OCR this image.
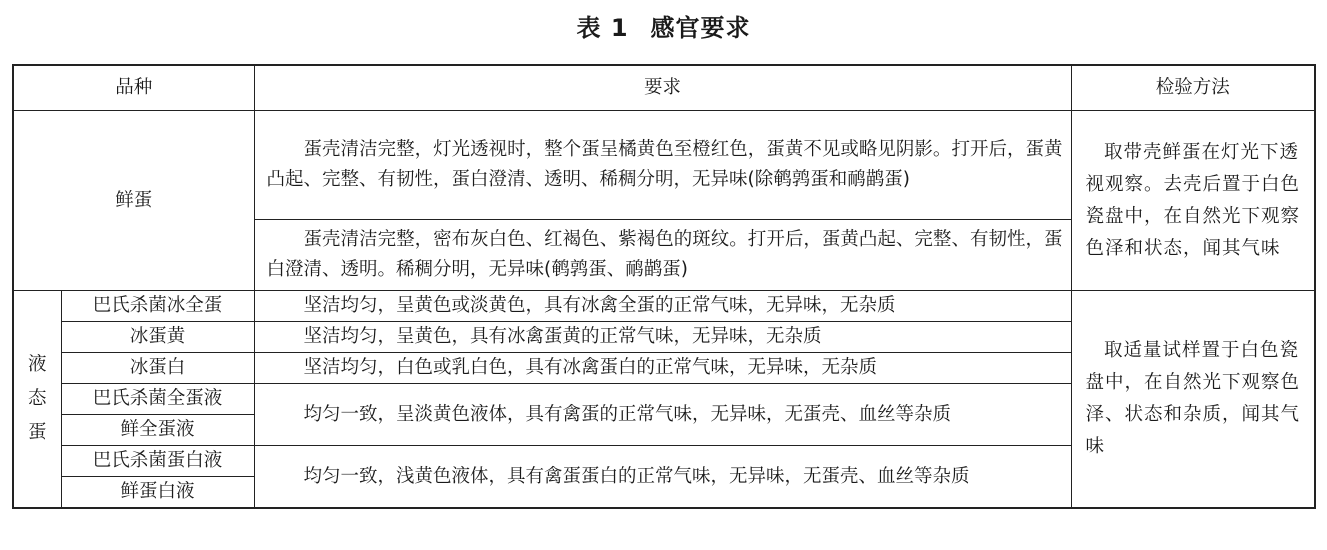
表 1 感官要求
品种		要求	检验方法
鲜蛋		蛋壳清洁完整，灯光透视时，整个蛋呈橘黄色至橙红色，蛋黄不见或略见阴影。打开后，蛋黄凸起、完整、有韧性，蛋白澄清、透明、稀稠分明，无异味(除鹌鹑蛋和鸸鹋蛋)	取带壳鲜蛋在灯光下透视观察。去壳后置于白色瓷盘中，在自然光下观察色泽和状态，闻其气味

		蛋壳清洁完整，密布灰白色、红褐色、紫褐色的斑纹。打开后，蛋黄凸起、完整、有韧性，蛋白澄清、透明。稀稠分明，无异味(鹌鹑蛋、鸸鹋蛋)	

液态蛋	巴氏杀菌冰全蛋	坚洁均匀，呈黄色或淡黄色，具有冰禽全蛋的正常气味，无异味，无杂质	取适量试样置于白色瓷盘中，在自然光下观察色泽、状态和杂质，闻其气味

	冰蛋黄	坚洁均匀，呈黄色，具有冰禽蛋黄的正常气味，无异味，无杂质	

	冰蛋白	坚洁均匀，白色或乳白色，具有冰禽蛋白的正常气味，无异味，无杂质	

	巴氏杀菌全蛋液	均匀一致，呈淡黄色液体，具有禽蛋的正常气味，无异味，无蛋壳、血丝等杂质	

	鲜全蛋液		
	巴氏杀菌蛋白液	均匀一致，浅黄色液体，具有禽蛋蛋白的正常气味，无异味，无蛋壳、血丝等杂质	

	鲜蛋白液		
